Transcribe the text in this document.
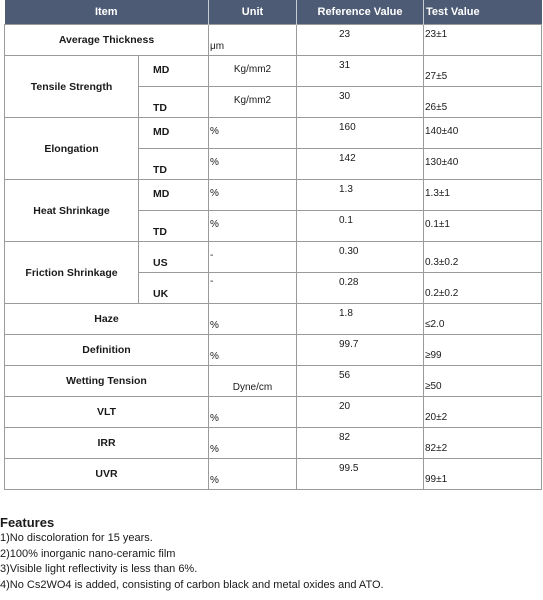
Item		Unit	Reference Value	Test Value
Average Thickness		μm	23	23±1
Tensile Strength	MD	Kg/mm2	31	27±5
	TD	Kg/mm2	30	26±5
Elongation	MD	%	160	140±40
	TD	%	142	130±40
Heat Shrinkage	MD	%	1.3	1.3±1
	TD	%	0.1	0.1±1
Friction Shrinkage	US	-	0.30	0.3±0.2
	UK	-	0.28	0.2±0.2
Haze		%	1.8	≤2.0
Definition		%	99.7	≥99
Wetting Tension		Dyne/cm	56	≥50
VLT		%	20	20±2
IRR		%	82	82±2
UVR		%	99.5	99±1

Features

1)No discoloration for 15 years.

2)100% inorganic nano-ceramic film

3)Visible light reflectivity is less than 6%.

4)No Cs2WO4 is added, consisting of carbon black and metal oxides and ATO.
